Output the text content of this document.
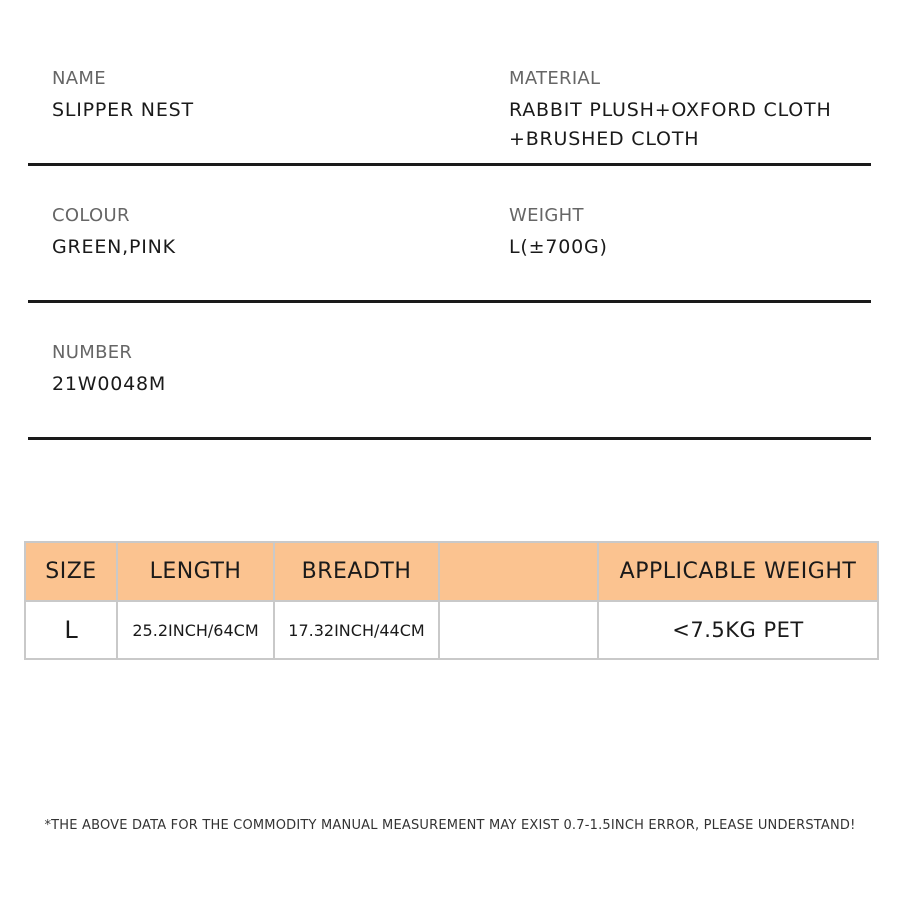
NAME
SLIPPER NEST
MATERIAL
RABBIT PLUSH+OXFORD CLOTH
+BRUSHED CLOTH
COLOUR
GREEN,PINK
WEIGHT
L(±700G)
NUMBER
21W0048M
SIZE	LENGTH	BREADTH		APPLICABLE WEIGHT
L	25.2INCH/64CM	17.32INCH/44CM		<7.5KG PET
*THE ABOVE DATA FOR THE COMMODITY MANUAL MEASUREMENT MAY EXIST 0.7-1.5INCH ERROR, PLEASE UNDERSTAND!
